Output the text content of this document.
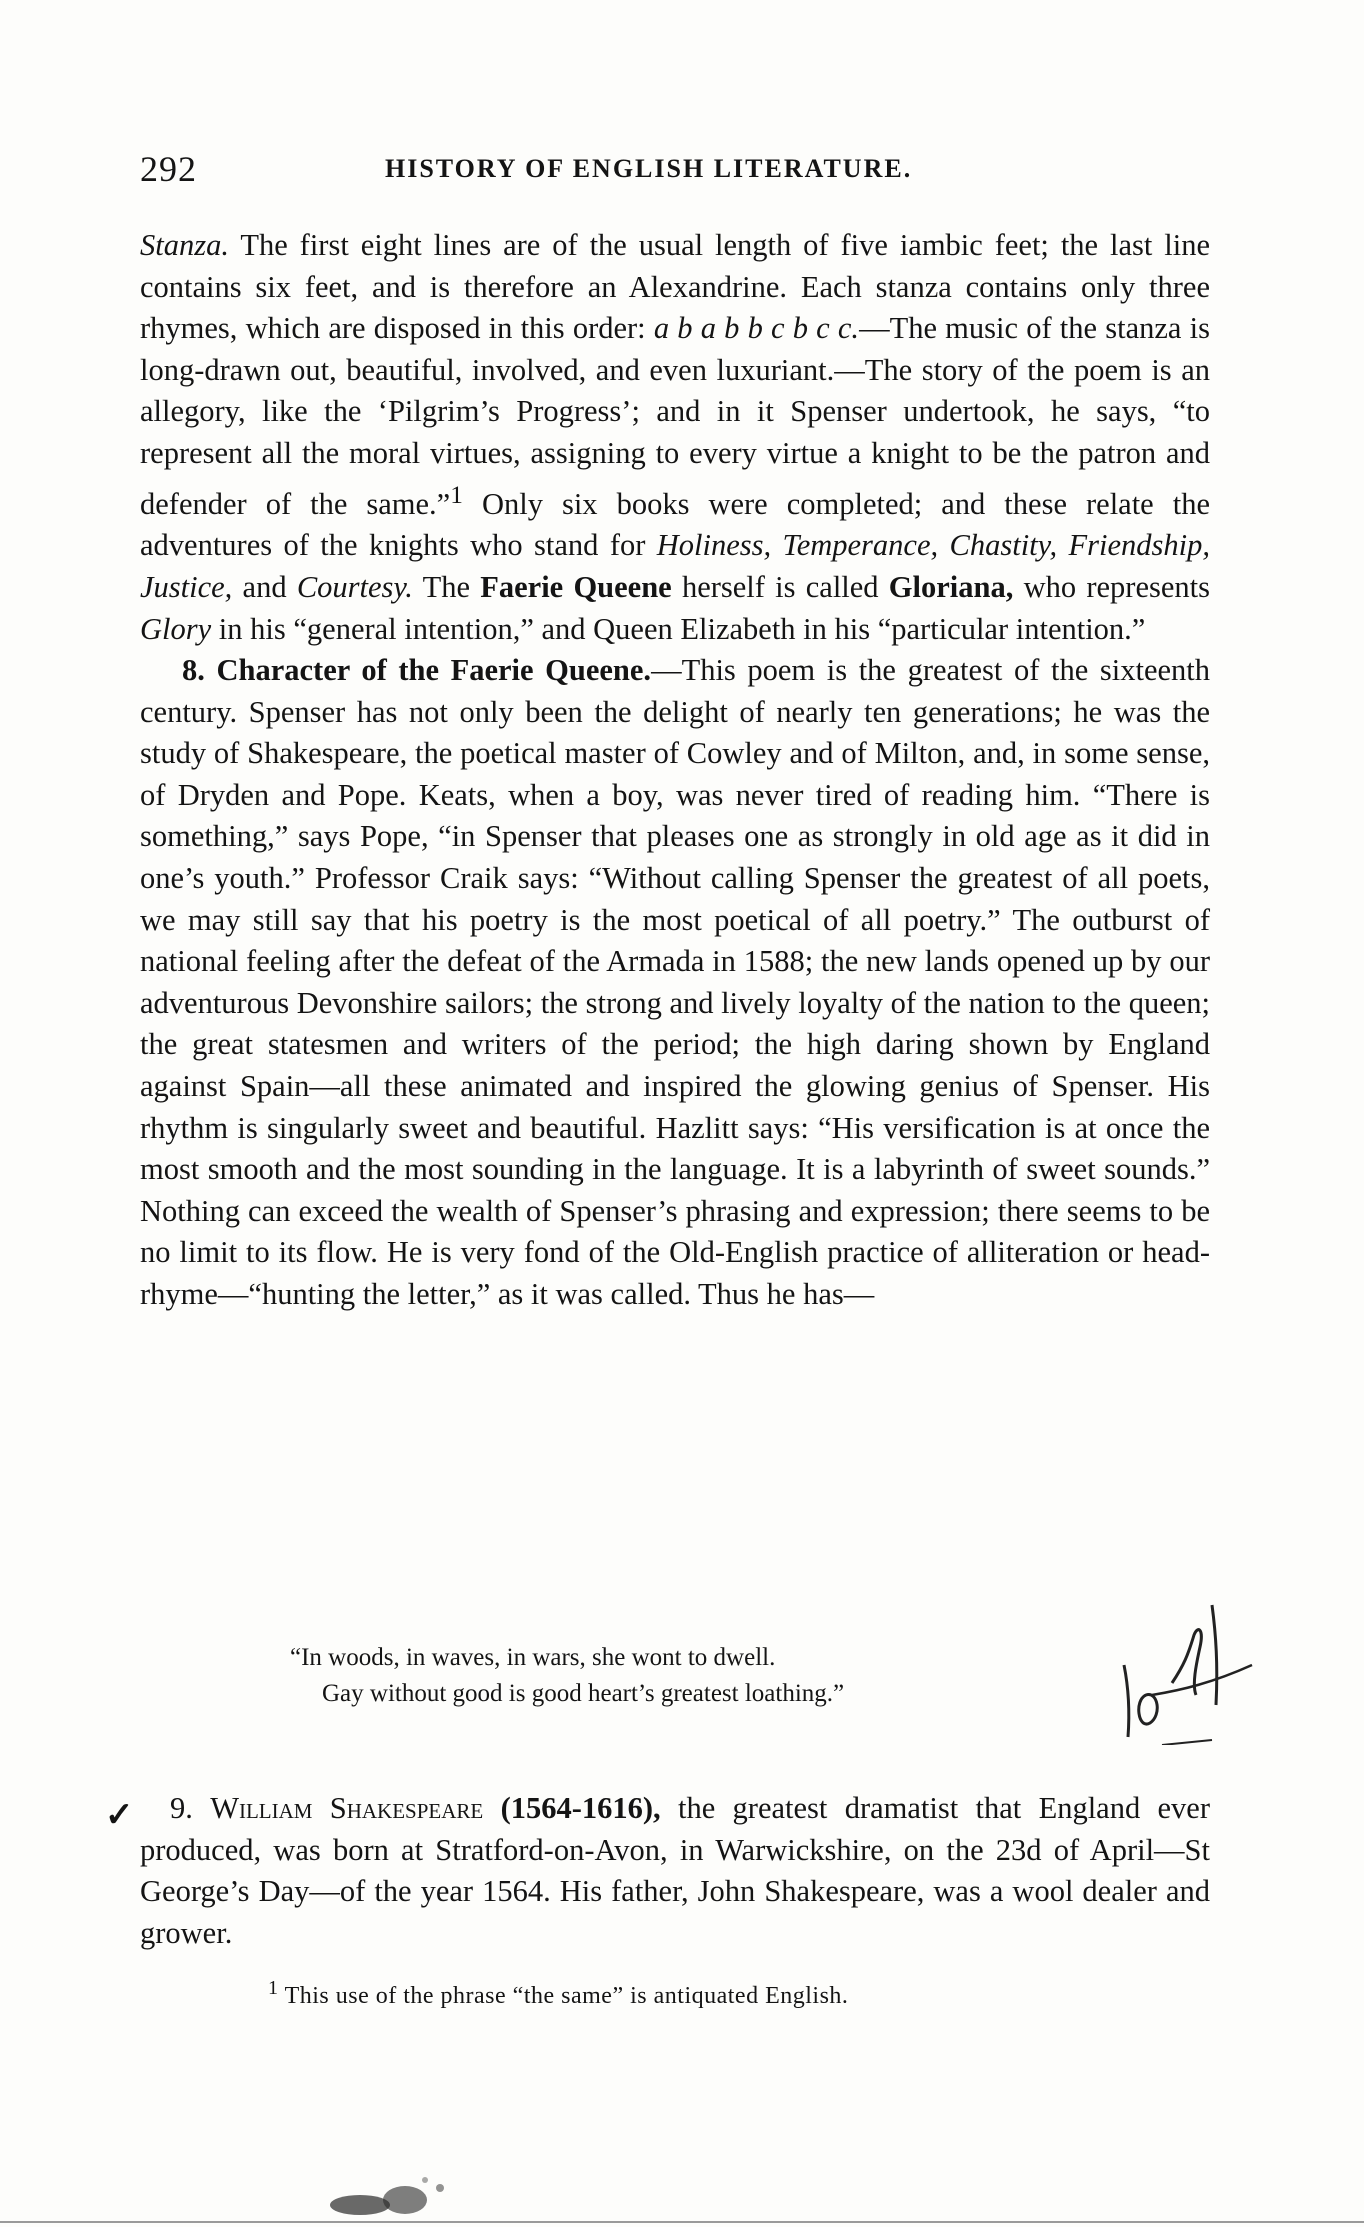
292	HISTORY OF ENGLISH LITERATURE.

Stanza. The first eight lines are of the usual length of five iambic feet; the last line contains six feet, and is therefore an Alexandrine. Each stanza contains only three rhymes, which are disposed in this order: a b a b b c b c c.—The music of the stanza is long-drawn out, beautiful, involved, and even luxuriant.—The story of the poem is an allegory, like the ‘Pilgrim’s Progress’; and in it Spenser undertook, he says, “to represent all the moral virtues, assigning to every virtue a knight to be the patron and defender of the same.”$^1$ Only six books were completed; and these relate the adventures of the knights who stand for Holiness, Temperance, Chastity, Friendship, Justice, and Courtesy. The Faerie Queene herself is called Gloriana, who represents Glory in his “general intention,” and Queen Elizabeth in his “particular intention.”

8. Character of the Faerie Queene.—This poem is the greatest of the sixteenth century. Spenser has not only been the delight of nearly ten generations; he was the study of Shakespeare, the poetical master of Cowley and of Milton, and, in some sense, of Dryden and Pope. Keats, when a boy, was never tired of reading him. “There is something,” says Pope, “in Spenser that pleases one as strongly in old age as it did in one’s youth.” Professor Craik says: “Without calling Spenser the greatest of all poets, we may still say that his poetry is the most poetical of all poetry.” The outburst of national feeling after the defeat of the Armada in 1588; the new lands opened up by our adventurous Devonshire sailors; the strong and lively loyalty of the nation to the queen; the great statesmen and writers of the period; the high daring shown by England against Spain—all these animated and inspired the glowing genius of Spenser. His rhythm is singularly sweet and beautiful. Hazlitt says: “His versification is at once the most smooth and the most sounding in the language. It is a labyrinth of sweet sounds.” Nothing can exceed the wealth of Spenser’s phrasing and expression; there seems to be no limit to its flow. He is very fond of the Old-English practice of alliteration or head-rhyme—“hunting the letter,” as it was called. Thus he has—

“In woods, in waves, in wars, she wont to dwell.
Gay without good is good heart’s greatest loathing.”
✓	9. William Shakespeare (1564-1616), the greatest dramatist that England ever produced, was born at Stratford-on-Avon, in Warwickshire, on the 23d of April—St George’s Day—of the year 1564. His father, John Shakespeare, was a wool dealer and grower.
$^1$ This use of the phrase “the same” is antiquated English.
